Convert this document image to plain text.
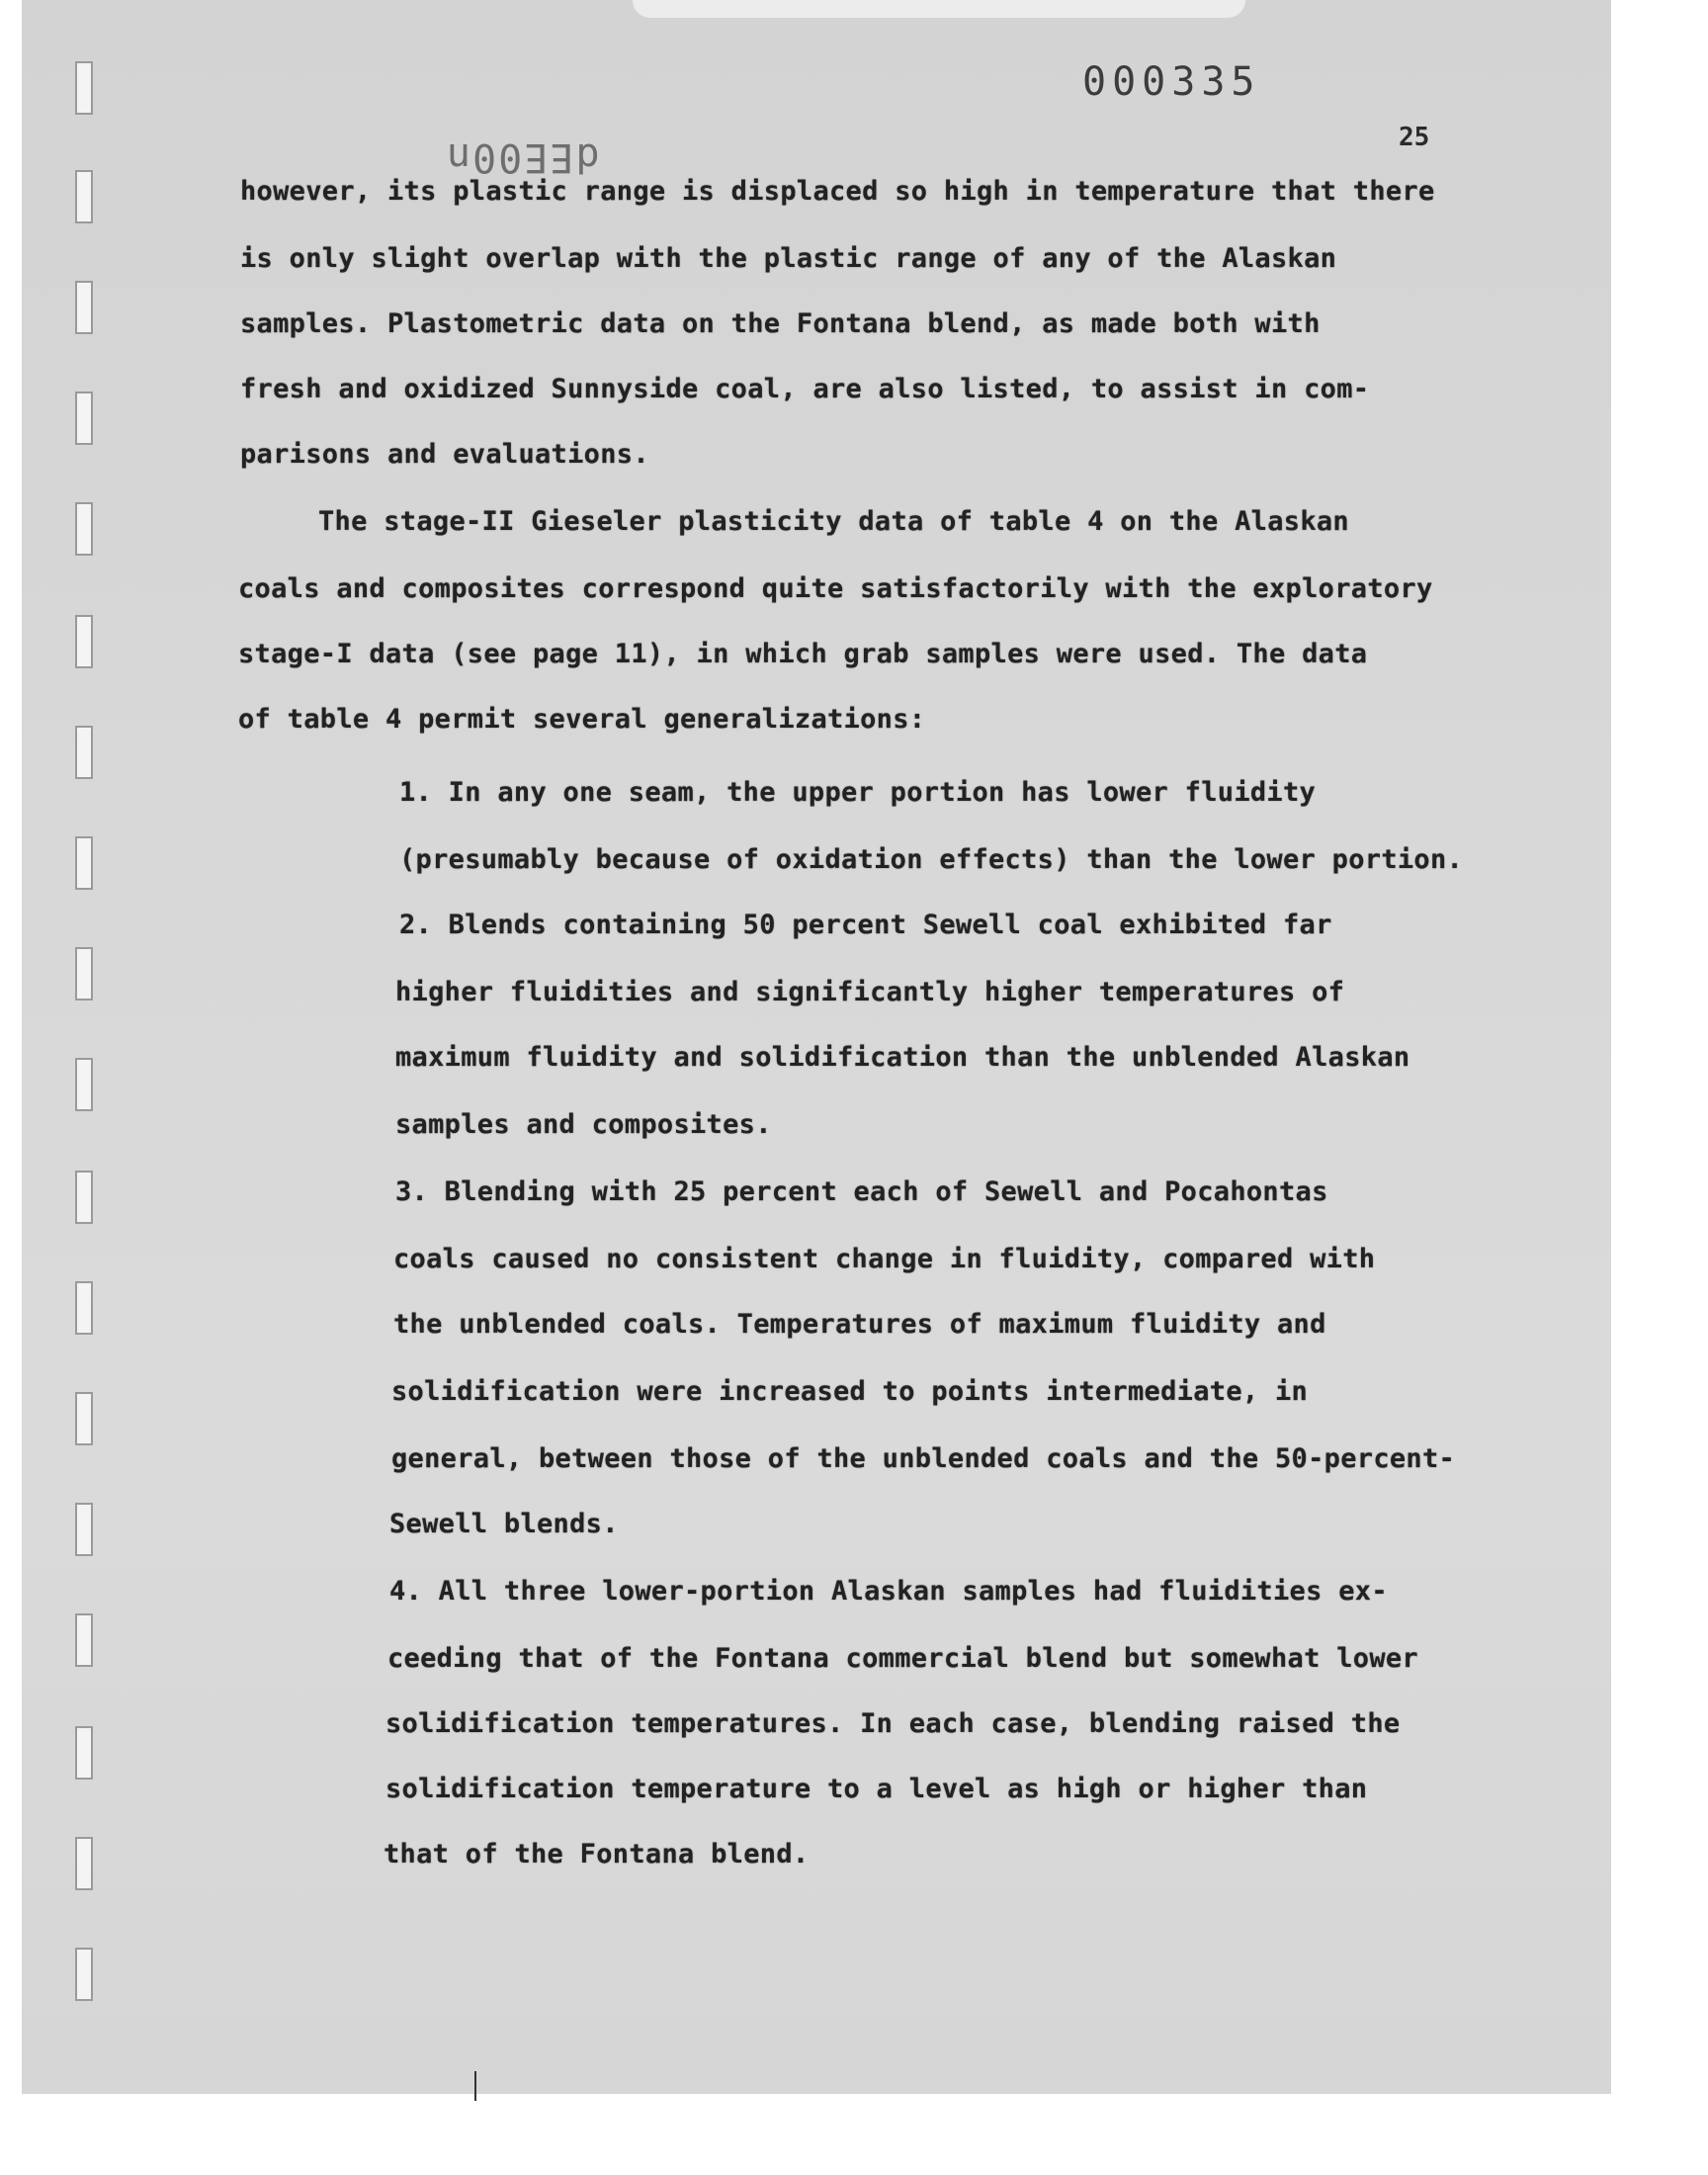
000335
dEE00n	25
however, its plastic range is displaced so high in temperature that there
is only slight overlap with the plastic range of any of the Alaskan
samples. Plastometric data on the Fontana blend, as made both with
fresh and oxidized Sunnyside coal, are also listed, to assist in com-
parisons and evaluations.
The stage-II Gieseler plasticity data of table 4 on the Alaskan
coals and composites correspond quite satisfactorily with the exploratory
stage-I data (see page 11), in which grab samples were used. The data
of table 4 permit several generalizations:
1. In any one seam, the upper portion has lower fluidity
(presumably because of oxidation effects) than the lower portion.
2. Blends containing 50 percent Sewell coal exhibited far
higher fluidities and significantly higher temperatures of
maximum fluidity and solidification than the unblended Alaskan
samples and composites.
3. Blending with 25 percent each of Sewell and Pocahontas
coals caused no consistent change in fluidity, compared with
the unblended coals. Temperatures of maximum fluidity and
solidification were increased to points intermediate, in
general, between those of the unblended coals and the 50-percent-
Sewell blends.
4. All three lower-portion Alaskan samples had fluidities ex-
ceeding that of the Fontana commercial blend but somewhat lower
solidification temperatures. In each case, blending raised the
solidification temperature to a level as high or higher than
that of the Fontana blend.
